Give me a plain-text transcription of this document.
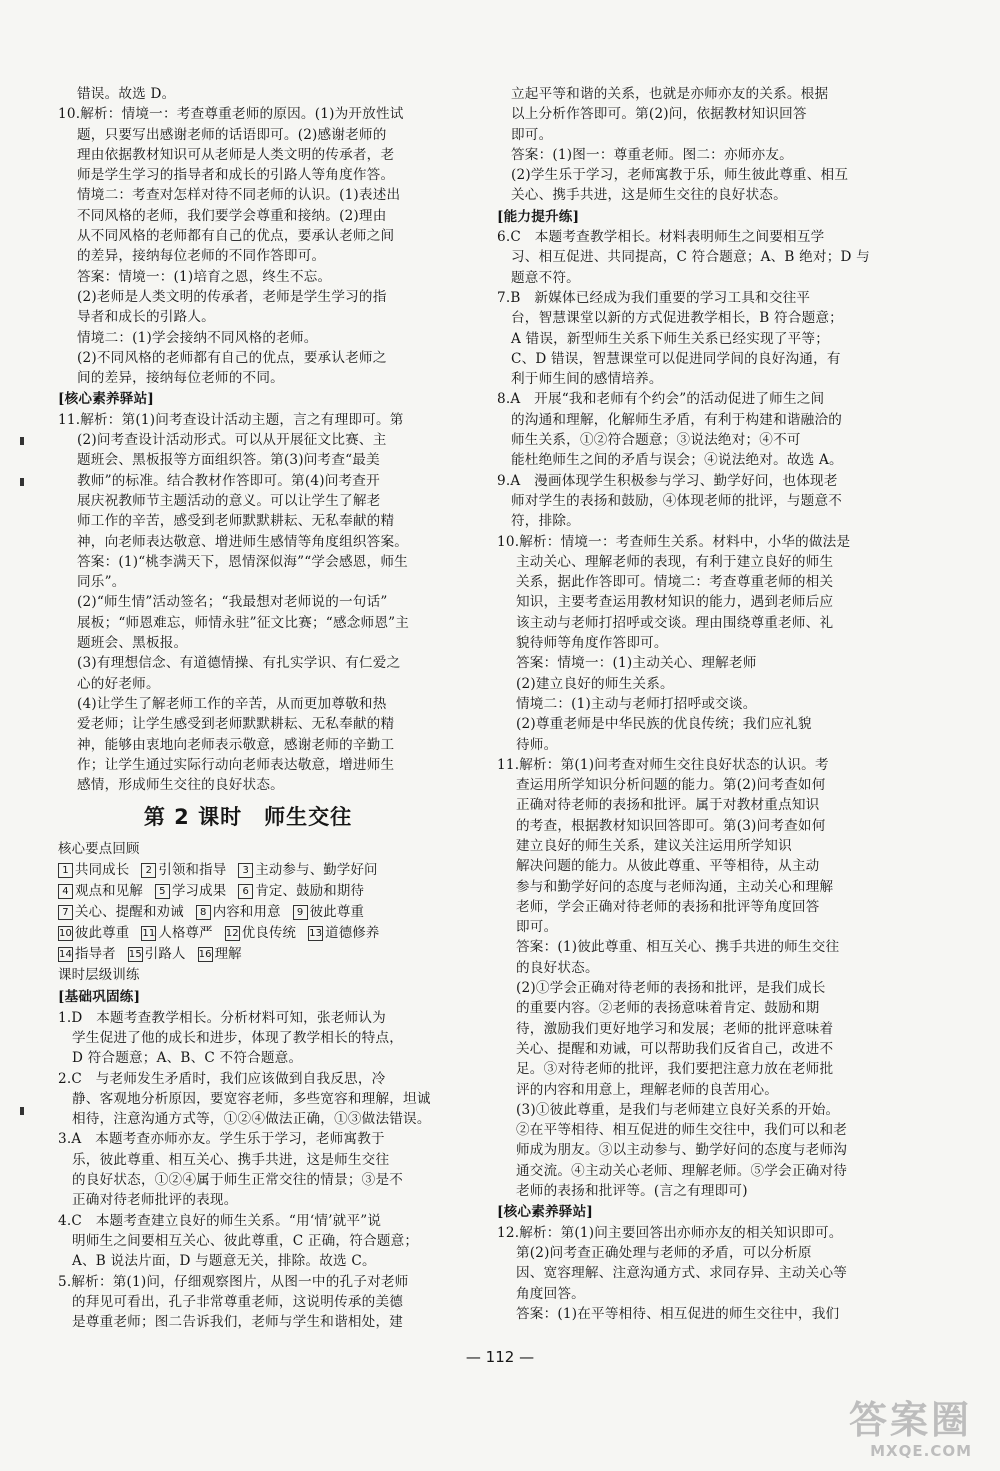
错误。故选 D。
10.解析：情境一：考查尊重老师的原因。(1)为开放性试
题，只要写出感谢老师的话语即可。(2)感谢老师的
理由依据教材知识可从老师是人类文明的传承者，老
师是学生学习的指导者和成长的引路人等角度作答。
情境二：考查对怎样对待不同老师的认识。(1)表述出
不同风格的老师，我们要学会尊重和接纳。(2)理由
从不同风格的老师都有自己的优点，要承认老师之间
的差异，接纳每位老师的不同作答即可。
答案：情境一：(1)培育之恩，终生不忘。
(2)老师是人类文明的传承者，老师是学生学习的指
导者和成长的引路人。
情境二：(1)学会接纳不同风格的老师。
(2)不同风格的老师都有自己的优点，要承认老师之
间的差异，接纳每位老师的不同。
[核心素养驿站]
11.解析：第(1)问考查设计活动主题，言之有理即可。第
(2)问考查设计活动形式。可以从开展征文比赛、主
题班会、黑板报等方面组织答。第(3)问考查“最美
教师”的标准。结合教材作答即可。第(4)问考查开
展庆祝教师节主题活动的意义。可以让学生了解老
师工作的辛苦，感受到老师默默耕耘、无私奉献的精
神，向老师表达敬意、增进师生感情等角度组织答案。
答案：(1)“桃李满天下，恩情深似海”“学会感恩，师生
同乐”。
(2)“师生情”活动签名；“我最想对老师说的一句话”
展板；“师恩难忘，师情永驻”征文比赛；“感念师恩”主
题班会、黑板报。
(3)有理想信念、有道德情操、有扎实学识、有仁爱之
心的好老师。
(4)让学生了解老师工作的辛苦，从而更加尊敬和热
爱老师；让学生感受到老师默默耕耘、无私奉献的精
神，能够由衷地向老师表示敬意，感谢老师的辛勤工
作；让学生通过实际行动向老师表达敬意，增进师生
感情，形成师生交往的良好状态。
第 2 课时　师生交往
核心要点回顾
1 共同成长 2 引领和指导 3 主动参与、勤学好问
4 观点和见解 5 学习成果 6 肯定、鼓励和期待
7 关心、提醒和劝诫 8 内容和用意 9 彼此尊重
10 彼此尊重 11 人格尊严 12 优良传统 13 道德修养
14 指导者 15 引路人 16 理解
课时层级训练
[基础巩固练]
1.D　本题考查教学相长。分析材料可知，张老师认为
学生促进了他的成长和进步，体现了教学相长的特点，
D 符合题意；A、B、C 不符合题意。
2.C　与老师发生矛盾时，我们应该做到自我反思，冷
静、客观地分析原因，要宽容老师，多些宽容和理解，坦诚
相待，注意沟通方式等，①②④做法正确，①③做法错误。
3.A　本题考查亦师亦友。学生乐于学习，老师寓教于
乐，彼此尊重、相互关心、携手共进，这是师生交往
的良好状态，①②④属于师生正常交往的情景；③是不
正确对待老师批评的表现。
4.C　本题考查建立良好的师生关系。“用‘情’就平”说
明师生之间要相互关心、彼此尊重，C 正确，符合题意；
A、B 说法片面，D 与题意无关，排除。故选 C。
5.解析：第(1)问，仔细观察图片，从图一中的孔子对老师
的拜见可看出，孔子非常尊重老师，这说明传承的美德
是尊重老师；图二告诉我们，老师与学生和谐相处，建
立起平等和谐的关系，也就是亦师亦友的关系。根据
以上分析作答即可。第(2)问，依据教材知识回答
即可。
答案：(1)图一：尊重老师。图二：亦师亦友。
(2)学生乐于学习，老师寓教于乐，师生彼此尊重、相互
关心、携手共进，这是师生交往的良好状态。
[能力提升练]
6.C　本题考查教学相长。材料表明师生之间要相互学
习、相互促进、共同提高，C 符合题意；A、B 绝对；D 与
题意不符。
7.B　新媒体已经成为我们重要的学习工具和交往平
台，智慧课堂以新的方式促进教学相长，B 符合题意；
A 错误，新型师生关系下师生关系已经实现了平等；
C、D 错误，智慧课堂可以促进同学间的良好沟通，有
利于师生间的感情培养。
8.A　开展“我和老师有个约会”的活动促进了师生之间
的沟通和理解，化解师生矛盾，有利于构建和谐融洽的
师生关系，①②符合题意；③说法绝对；④不可
能杜绝师生之间的矛盾与误会；④说法绝对。故选 A。
9.A　漫画体现学生积极参与学习、勤学好问，也体现老
师对学生的表扬和鼓励，④体现老师的批评，与题意不
符，排除。
10.解析：情境一：考查师生关系。材料中，小华的做法是
主动关心、理解老师的表现，有利于建立良好的师生
关系，据此作答即可。情境二：考查尊重老师的相关
知识，主要考查运用教材知识的能力，遇到老师后应
该主动与老师打招呼或交谈。理由围绕尊重老师、礼
貌待师等角度作答即可。
答案：情境一：(1)主动关心、理解老师
(2)建立良好的师生关系。
情境二：(1)主动与老师打招呼或交谈。
(2)尊重老师是中华民族的优良传统；我们应礼貌
待师。
11.解析：第(1)问考查对师生交往良好状态的认识。考
查运用所学知识分析问题的能力。第(2)问考查如何
正确对待老师的表扬和批评。属于对教材重点知识
的考查，根据教材知识回答即可。第(3)问考查如何
建立良好的师生关系，建议关注运用所学知识
解决问题的能力。从彼此尊重、平等相待，从主动
参与和勤学好问的态度与老师沟通，主动关心和理解
老师，学会正确对待老师的表扬和批评等角度回答
即可。
答案：(1)彼此尊重、相互关心、携手共进的师生交往
的良好状态。
(2)①学会正确对待老师的表扬和批评，是我们成长
的重要内容。②老师的表扬意味着肯定、鼓励和期
待，激励我们更好地学习和发展；老师的批评意味着
关心、提醒和劝诫，可以帮助我们反省自己，改进不
足。③对待老师的批评，我们要把注意力放在老师批
评的内容和用意上，理解老师的良苦用心。
(3)①彼此尊重，是我们与老师建立良好关系的开始。
②在平等相待、相互促进的师生交往中，我们可以和老
师成为朋友。③以主动参与、勤学好问的态度与老师沟
通交流。④主动关心老师、理解老师。⑤学会正确对待
老师的表扬和批评等。(言之有理即可)
[核心素养驿站]
12.解析：第(1)问主要回答出亦师亦友的相关知识即可。
第(2)问考查正确处理与老师的矛盾，可以分析原
因、宽容理解、注意沟通方式、求同存异、主动关心等
角度回答。
答案：(1)在平等相待、相互促进的师生交往中，我们
— 112 —
答案圈
MXQE.COM
